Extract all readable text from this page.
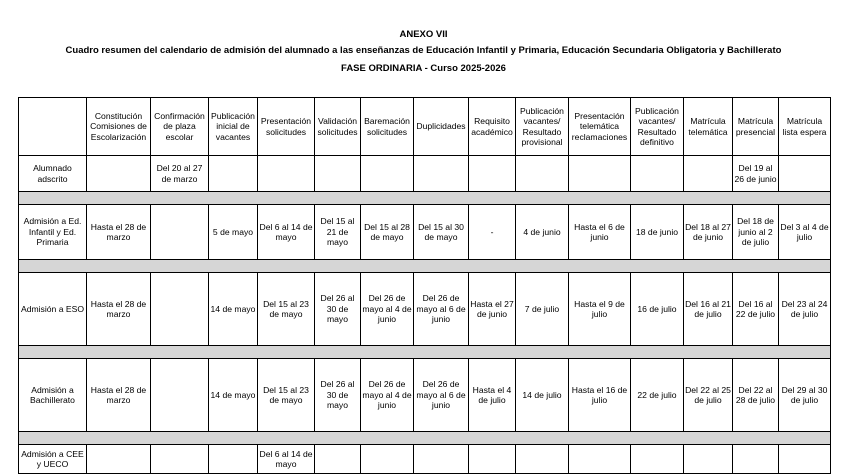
ANEXO VII
Cuadro resumen del calendario de admisión del alumnado a las enseñanzas de Educación Infantil y Primaria, Educación Secundaria Obligatoria y Bachillerato
FASE ORDINARIA - Curso 2025-2026
	Constitución Comisiones de Escolarización	Confirmación de plaza escolar	Publicación inicial de vacantes	Presentación solicitudes	Validación solicitudes	Baremación solicitudes	Duplicidades	Requisito académico	Publicación vacantes/ Resultado provisional	Presentación telemática reclamaciones	Publicación vacantes/ Resultado definitivo	Matrícula telemática	Matrícula presencial	Matrícula lista espera
Alumnado adscrito		Del 20 al 27 de marzo											Del 19 al 26 de junio	

Admisión a Ed. Infantil y Ed. Primaria	Hasta el 28 de marzo		5 de mayo	Del 6 al 14 de mayo	Del 15 al 21 de mayo	Del 15 al 28 de mayo	Del 15 al 30 de mayo	-	4 de junio	Hasta el 6 de junio	18 de junio	Del 18 al 27 de junio	Del 18 de junio al 2 de julio	Del 3 al 4 de julio

Admisión a ESO	Hasta el 28 de marzo		14 de mayo	Del 15 al 23 de mayo	Del 26 al 30 de mayo	Del 26 de mayo al 4 de junio	Del 26 de mayo al 6 de junio	Hasta el 27 de junio	7 de julio	Hasta el 9 de julio	16 de julio	Del 16 al 21 de julio	Del 16 al 22 de julio	Del 23 al 24 de julio

Admisión a Bachillerato	Hasta el 28 de marzo		14 de mayo	Del 15 al 23 de mayo	Del 26 al 30 de mayo	Del 26 de mayo al 4 de junio	Del 26 de mayo al 6 de junio	Hasta el 4 de julio	14 de julio	Hasta el 16 de julio	22 de julio	Del 22 al 25 de julio	Del 22 al 28 de julio	Del 29 al 30 de julio

Admisión a CEE y UECO				Del 6 al 14 de mayo										
